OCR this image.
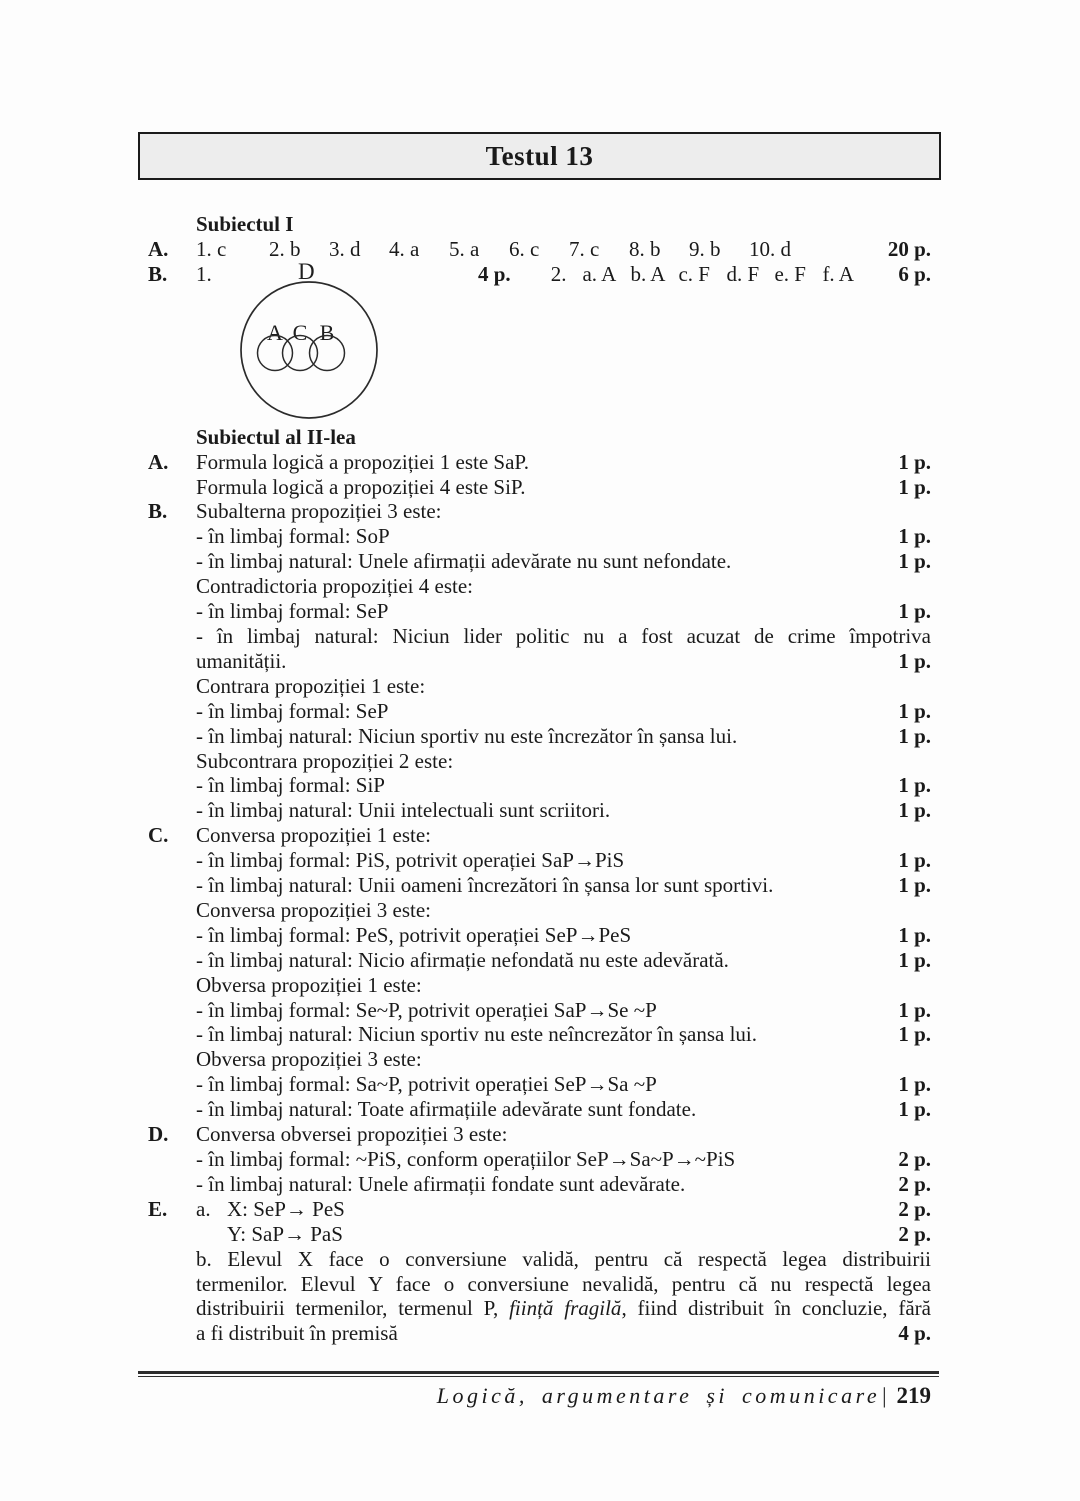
Testul 13
Subiectul I
A.	1. c	2. b	3. d	4. a	5. a	6. c	7. c	8. b	9. b	10. d	20 p.
B.	1.	4 p. 2. a. A b. A c. F d. F e. F f. A	6 p.
Subiectul al II-lea
A.	Formula logică a propoziției 1 este SaP.	1 p.
Formula logică a propoziției 4 este SiP.	1 p.
B.	Subalterna propoziției 3 este:
- în limbaj formal: SoP	1 p.
- în limbaj natural: Unele afirmații adevărate nu sunt nefondate.	1 p.
Contradictoria propoziției 4 este:
- în limbaj formal: SeP	1 p.
- în limbaj natural: Niciun lider politic nu a fost acuzat de crime împotriva
umanității.	1 p.
Contrara propoziției 1 este:
- în limbaj formal: SeP	1 p.
- în limbaj natural: Niciun sportiv nu este încrezător în șansa lui.	1 p.
Subcontrara propoziției 2 este:
- în limbaj formal: SiP	1 p.
- în limbaj natural: Unii intelectuali sunt scriitori.	1 p.
C.	Conversa propoziției 1 este:
- în limbaj formal: PiS, potrivit operației SaP→PiS	1 p.
- în limbaj natural: Unii oameni încrezători în șansa lor sunt sportivi.	1 p.
Conversa propoziției 3 este:
- în limbaj formal: PeS, potrivit operației SeP→PeS	1 p.
- în limbaj natural: Nicio afirmație nefondată nu este adevărată.	1 p.
Obversa propoziției 1 este:
- în limbaj formal: Se~P, potrivit operației SaP→Se ~P	1 p.
- în limbaj natural: Niciun sportiv nu este neîncrezător în șansa lui.	1 p.
Obversa propoziției 3 este:
- în limbaj formal: Sa~P, potrivit operației SeP→Sa ~P	1 p.
- în limbaj natural: Toate afirmațiile adevărate sunt fondate.	1 p.
D.	Conversa obversei propoziției 3 este:
- în limbaj formal: ~PiS, conform operațiilor SeP→Sa~P→~PiS	2 p.
- în limbaj natural: Unele afirmații fondate sunt adevărate.	2 p.
E.	a. X: SeP→ PeS	2 p.
Y: SaP→ PaS	2 p.
b. Elevul X face o conversiune validă, pentru că respectă legea distribuirii
termenilor. Elevul Y face o conversiune nevalidă, pentru că nu respectă legea
distribuirii termenilor, termenul P, ființă fragilă, fiind distribuit în concluzie, fără
a fi distribuit în premisă	4 p.
D
A C B
Logică, argumentare și comunicare | 219
